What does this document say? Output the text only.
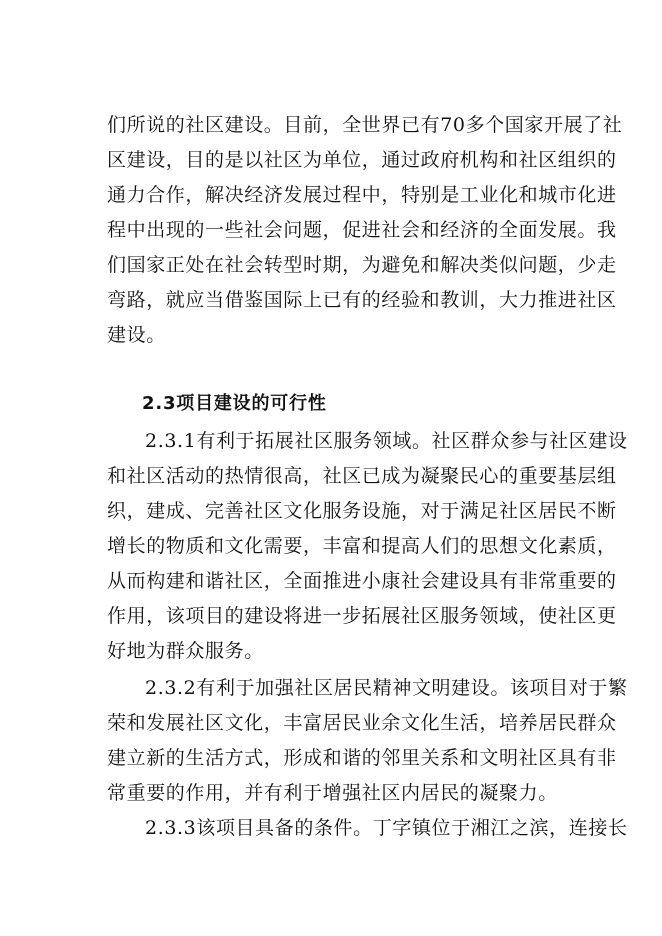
们所说的社区建设。目前，全世界已有70多个国家开展了社
区建设，目的是以社区为单位，通过政府机构和社区组织的
通力合作，解决经济发展过程中，特别是工业化和城市化进
程中出现的一些社会问题，促进社会和经济的全面发展。我
们国家正处在社会转型时期，为避免和解决类似问题，少走
弯路，就应当借鉴国际上已有的经验和教训，大力推进社区
建设。
2.3项目建设的可行性
2.3.1有利于拓展社区服务领域。社区群众参与社区建设
和社区活动的热情很高，社区已成为凝聚民心的重要基层组
织，建成、完善社区文化服务设施，对于满足社区居民不断
增长的物质和文化需要，丰富和提高人们的思想文化素质，
从而构建和谐社区，全面推进小康社会建设具有非常重要的
作用，该项目的建设将进一步拓展社区服务领域，使社区更
好地为群众服务。
2.3.2有利于加强社区居民精神文明建设。该项目对于繁
荣和发展社区文化，丰富居民业余文化生活，培养居民群众
建立新的生活方式，形成和谐的邻里关系和文明社区具有非
常重要的作用，并有利于增强社区内居民的凝聚力。
2.3.3该项目具备的条件。丁字镇位于湘江之滨，连接长
